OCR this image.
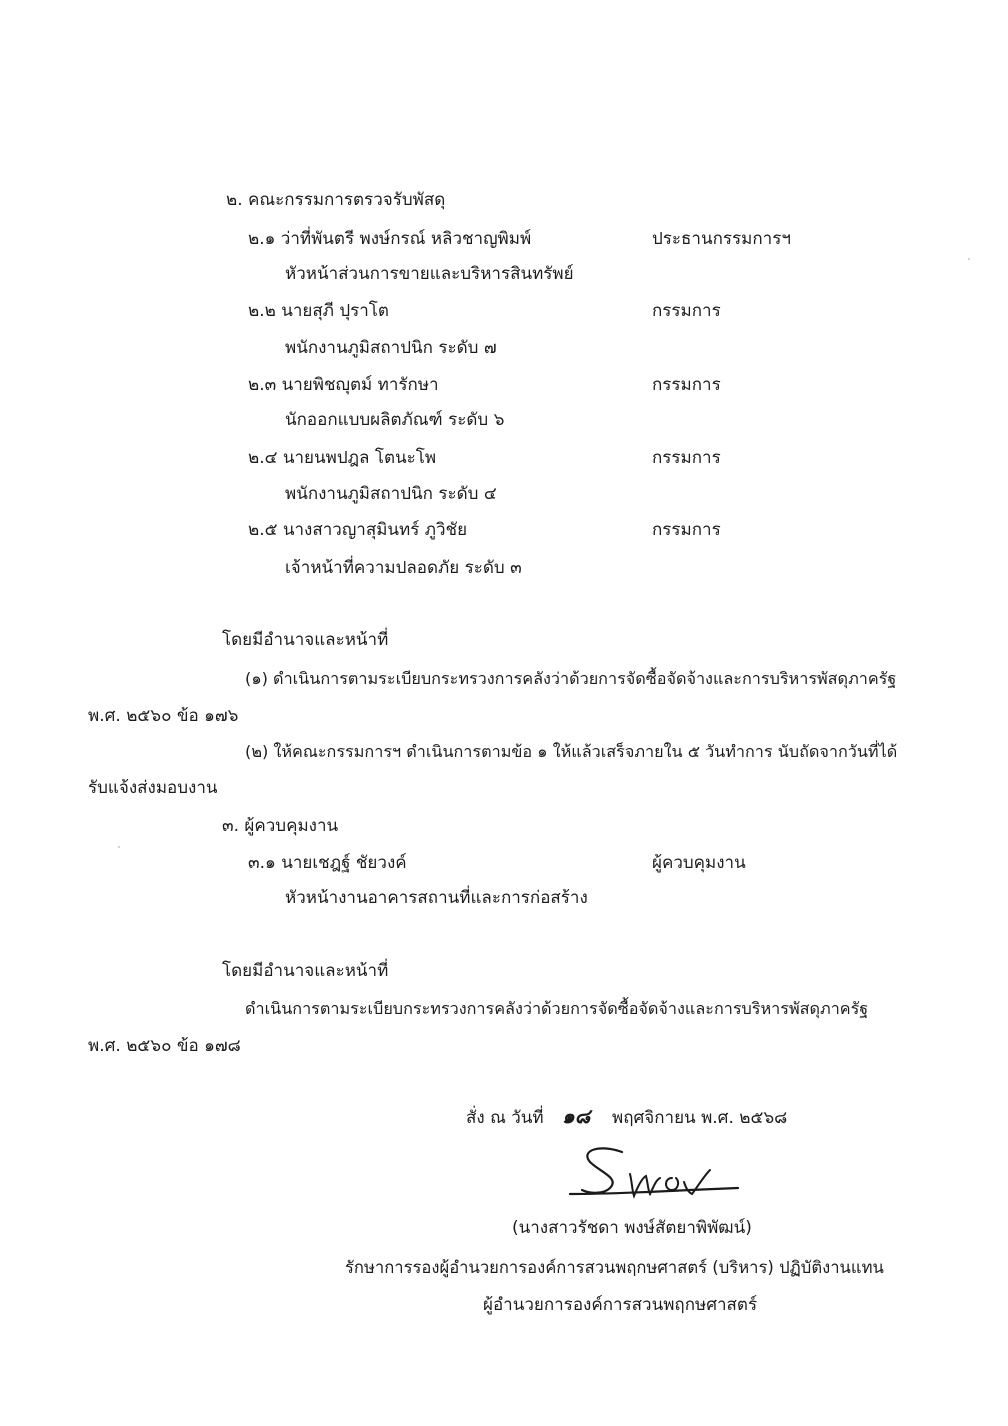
๒. คณะกรรมการตรวจรับพัสดุ
๒.๑ ว่าที่พันตรี พงษ์กรณ์ หลิวชาญพิมพ์	ประธานกรรมการฯ
หัวหน้าส่วนการขายและบริหารสินทรัพย์
๒.๒ นายสุภี ปุราโต	กรรมการ
พนักงานภูมิสถาปนิก ระดับ ๗
๒.๓ นายพิชญุตม์ ทารักษา	กรรมการ
นักออกแบบผลิตภัณฑ์ ระดับ ๖
๒.๔ นายนพปฎล โตนะโพ	กรรมการ
พนักงานภูมิสถาปนิก ระดับ ๔
๒.๕ นางสาวญาสุมินทร์ ภูวิชัย	กรรมการ
เจ้าหน้าที่ความปลอดภัย ระดับ ๓
โดยมีอำนาจและหน้าที่
(๑) ดำเนินการตามระเบียบกระทรวงการคลังว่าด้วยการจัดซื้อจัดจ้างและการบริหารพัสดุภาครัฐ
พ.ศ. ๒๕๖๐ ข้อ ๑๗๖
(๒) ให้คณะกรรมการฯ ดำเนินการตามข้อ ๑ ให้แล้วเสร็จภายใน ๕ วันทำการ นับถัดจากวันที่ได้
รับแจ้งส่งมอบงาน
๓. ผู้ควบคุมงาน
๓.๑ นายเชฎฐ์ ชัยวงค์	ผู้ควบคุมงาน
หัวหน้างานอาคารสถานที่และการก่อสร้าง
โดยมีอำนาจและหน้าที่
ดำเนินการตามระเบียบกระทรวงการคลังว่าด้วยการจัดซื้อจัดจ้างและการบริหารพัสดุภาครัฐ
พ.ศ. ๒๕๖๐ ข้อ ๑๗๘
สั่ง ณ วันที่ ๑๘ พฤศจิกายน พ.ศ. ๒๕๖๘
(นางสาวรัชดา พงษ์สัตยาพิพัฒน์)
รักษาการรองผู้อำนวยการองค์การสวนพฤกษศาสตร์ (บริหาร) ปฏิบัติงานแทน
ผู้อำนวยการองค์การสวนพฤกษศาสตร์
